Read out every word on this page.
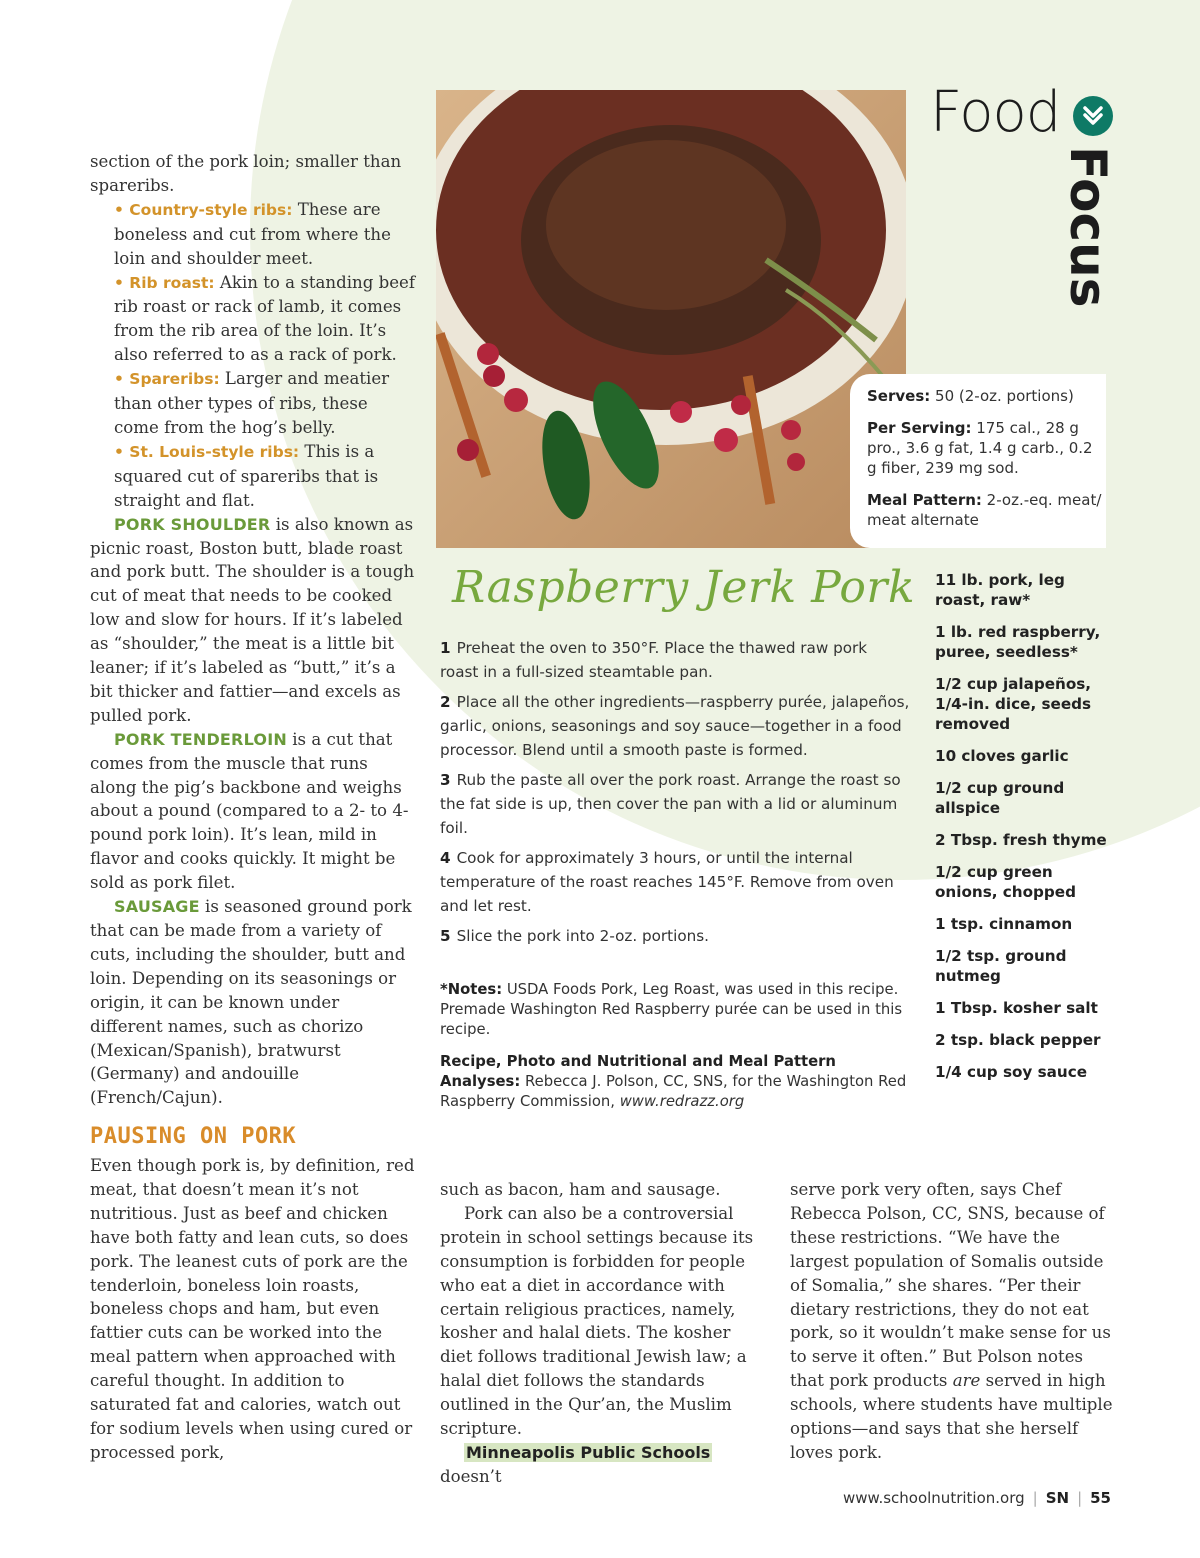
Food
Focus

Serves: 50 (2-oz. portions)

Per Serving: 175 cal., 28 g pro., 3.6 g fat, 1.4 g carb., 0.2 g fiber, 239 mg sod.

Meal Pattern: 2-oz.-eq. meat/ meat alternate

section of the pork loin; smaller than spareribs.

• Country-style ribs: These are boneless and cut from where the loin and shoulder meet.

• Rib roast: Akin to a standing beef rib roast or rack of lamb, it comes from the rib area of the loin. It’s also referred to as a rack of pork.

• Spareribs: Larger and meatier than other types of ribs, these come from the hog’s belly.

• St. Louis-style ribs: This is a squared cut of spareribs that is straight and flat.

PORK SHOULDER is also known as picnic roast, Boston butt, blade roast and pork butt. The shoulder is a tough cut of meat that needs to be cooked low and slow for hours. If it’s labeled as “shoulder,” the meat is a little bit leaner; if it’s labeled as “butt,” it’s a bit thicker and fattier—and excels as pulled pork.

PORK TENDERLOIN is a cut that comes from the muscle that runs along the pig’s backbone and weighs about a pound (compared to a 2- to 4-pound pork loin). It’s lean, mild in flavor and cooks quickly. It might be sold as pork filet.

SAUSAGE is seasoned ground pork that can be made from a variety of cuts, including the shoulder, butt and loin. Depending on its seasonings or origin, it can be known under different names, such as chorizo (Mexican/Spanish), bratwurst (Germany) and andouille (French/Cajun).

Raspberry Jerk Pork

1 Preheat the oven to 350°F. Place the thawed raw pork roast in a full-sized steamtable pan.

2 Place all the other ingredients—raspberry purée, jalapeños, garlic, onions, seasonings and soy sauce—together in a food processor. Blend until a smooth paste is formed.

3 Rub the paste all over the pork roast. Arrange the roast so the fat side is up, then cover the pan with a lid or aluminum foil.

4 Cook for approximately 3 hours, or until the internal temperature of the roast reaches 145°F. Remove from oven and let rest.

5 Slice the pork into 2-oz. portions.

*Notes: USDA Foods Pork, Leg Roast, was used in this recipe. Premade Washington Red Raspberry purée can be used in this recipe.
Recipe, Photo and Nutritional and Meal Pattern Analyses: Rebecca J. Polson, CC, SNS, for the Washington Red Raspberry Commission, www.redrazz.org

11 lb. pork, leg roast, raw*

1 lb. red raspberry, puree, seedless*

1/2 cup jalapeños, 1/4-in. dice, seeds removed

10 cloves garlic

1/2 cup ground allspice

2 Tbsp. fresh thyme

1/2 cup green onions, chopped

1 tsp. cinnamon

1/2 tsp. ground nutmeg

1 Tbsp. kosher salt

2 tsp. black pepper

1/4 cup soy sauce

PAUSING ON PORK

Even though pork is, by definition, red meat, that doesn’t mean it’s not nutritious. Just as beef and chicken have both fatty and lean cuts, so does pork. The leanest cuts of pork are the tenderloin, boneless loin roasts, boneless chops and ham, but even fattier cuts can be worked into the meal pattern when approached with careful thought. In addition to saturated fat and calories, watch out for sodium levels when using cured or processed pork,

such as bacon, ham and sausage.

Pork can also be a controversial protein in school settings because its consumption is forbidden for people who eat a diet in accordance with certain religious practices, namely, kosher and halal diets. The kosher diet follows traditional Jewish law; a halal diet follows the standards outlined in the Qur’an, the Muslim scripture.

Minneapolis Public Schools doesn’t

serve pork very often, says Chef Rebecca Polson, CC, SNS, because of these restrictions. “We have the largest population of Somalis outside of Somalia,” she shares. “Per their dietary restrictions, they do not eat pork, so it wouldn’t make sense for us to serve it often.” But Polson notes that pork products are served in high schools, where students have multiple options—and says that she herself loves pork.

www.schoolnutrition.org | SN | 55
